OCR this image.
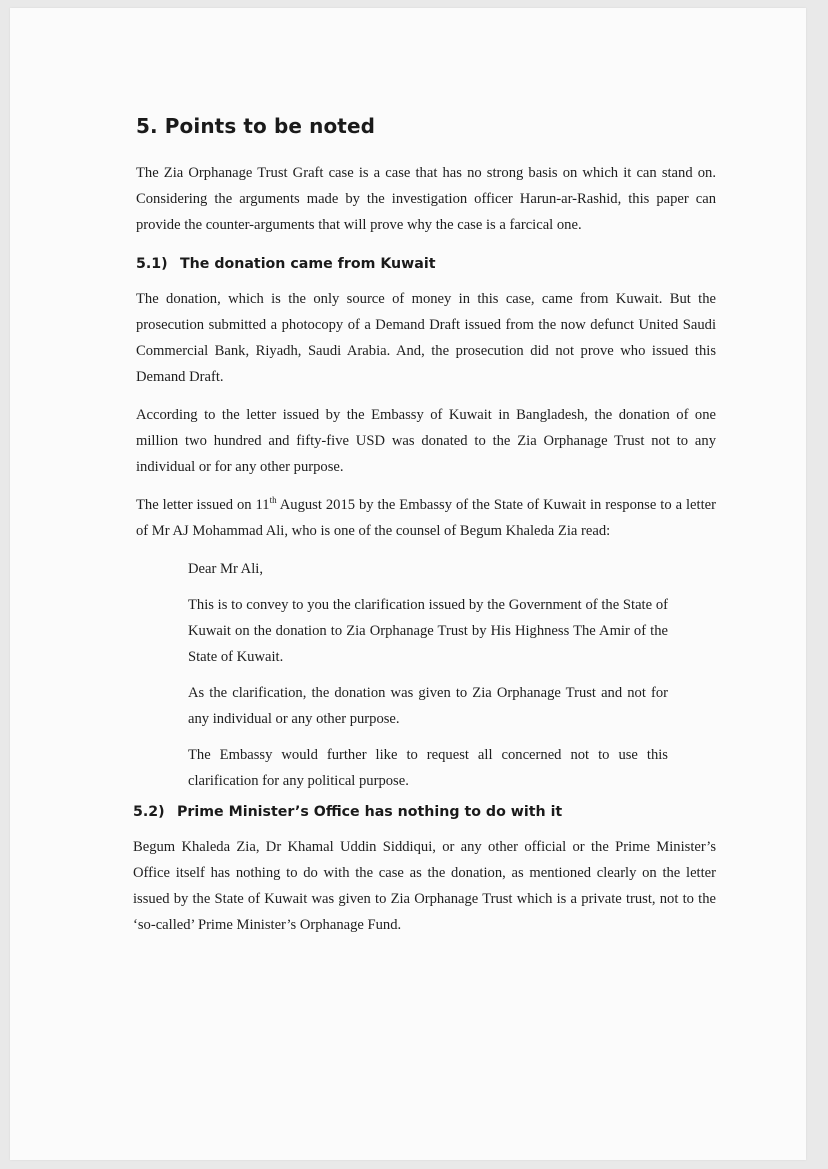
5. Points to be noted

The Zia Orphanage Trust Graft case is a case that has no strong basis on which it can stand on. Considering the arguments made by the investigation officer Harun-ar-Rashid, this paper can provide the counter-arguments that will prove why the case is a farcical one.

5.1) The donation came from Kuwait

The donation, which is the only source of money in this case, came from Kuwait. But the prosecution submitted a photocopy of a Demand Draft issued from the now defunct United Saudi Commercial Bank, Riyadh, Saudi Arabia. And, the prosecution did not prove who issued this Demand Draft.

According to the letter issued by the Embassy of Kuwait in Bangladesh, the donation of one million two hundred and fifty-five USD was donated to the Zia Orphanage Trust not to any individual or for any other purpose.

The letter issued on 11th August 2015 by the Embassy of the State of Kuwait in response to a letter of Mr AJ Mohammad Ali, who is one of the counsel of Begum Khaleda Zia read:

Dear Mr Ali,

This is to convey to you the clarification issued by the Government of the State of Kuwait on the donation to Zia Orphanage Trust by His Highness The Amir of the State of Kuwait.

As the clarification, the donation was given to Zia Orphanage Trust and not for any individual or any other purpose.

The Embassy would further like to request all concerned not to use this clarification for any political purpose.

5.2) Prime Minister’s Office has nothing to do with it

Begum Khaleda Zia, Dr Khamal Uddin Siddiqui, or any other official or the Prime Minister’s Office itself has nothing to do with the case as the donation, as mentioned clearly on the letter issued by the State of Kuwait was given to Zia Orphanage Trust which is a private trust, not to the ‘so-called’ Prime Minister’s Orphanage Fund.
